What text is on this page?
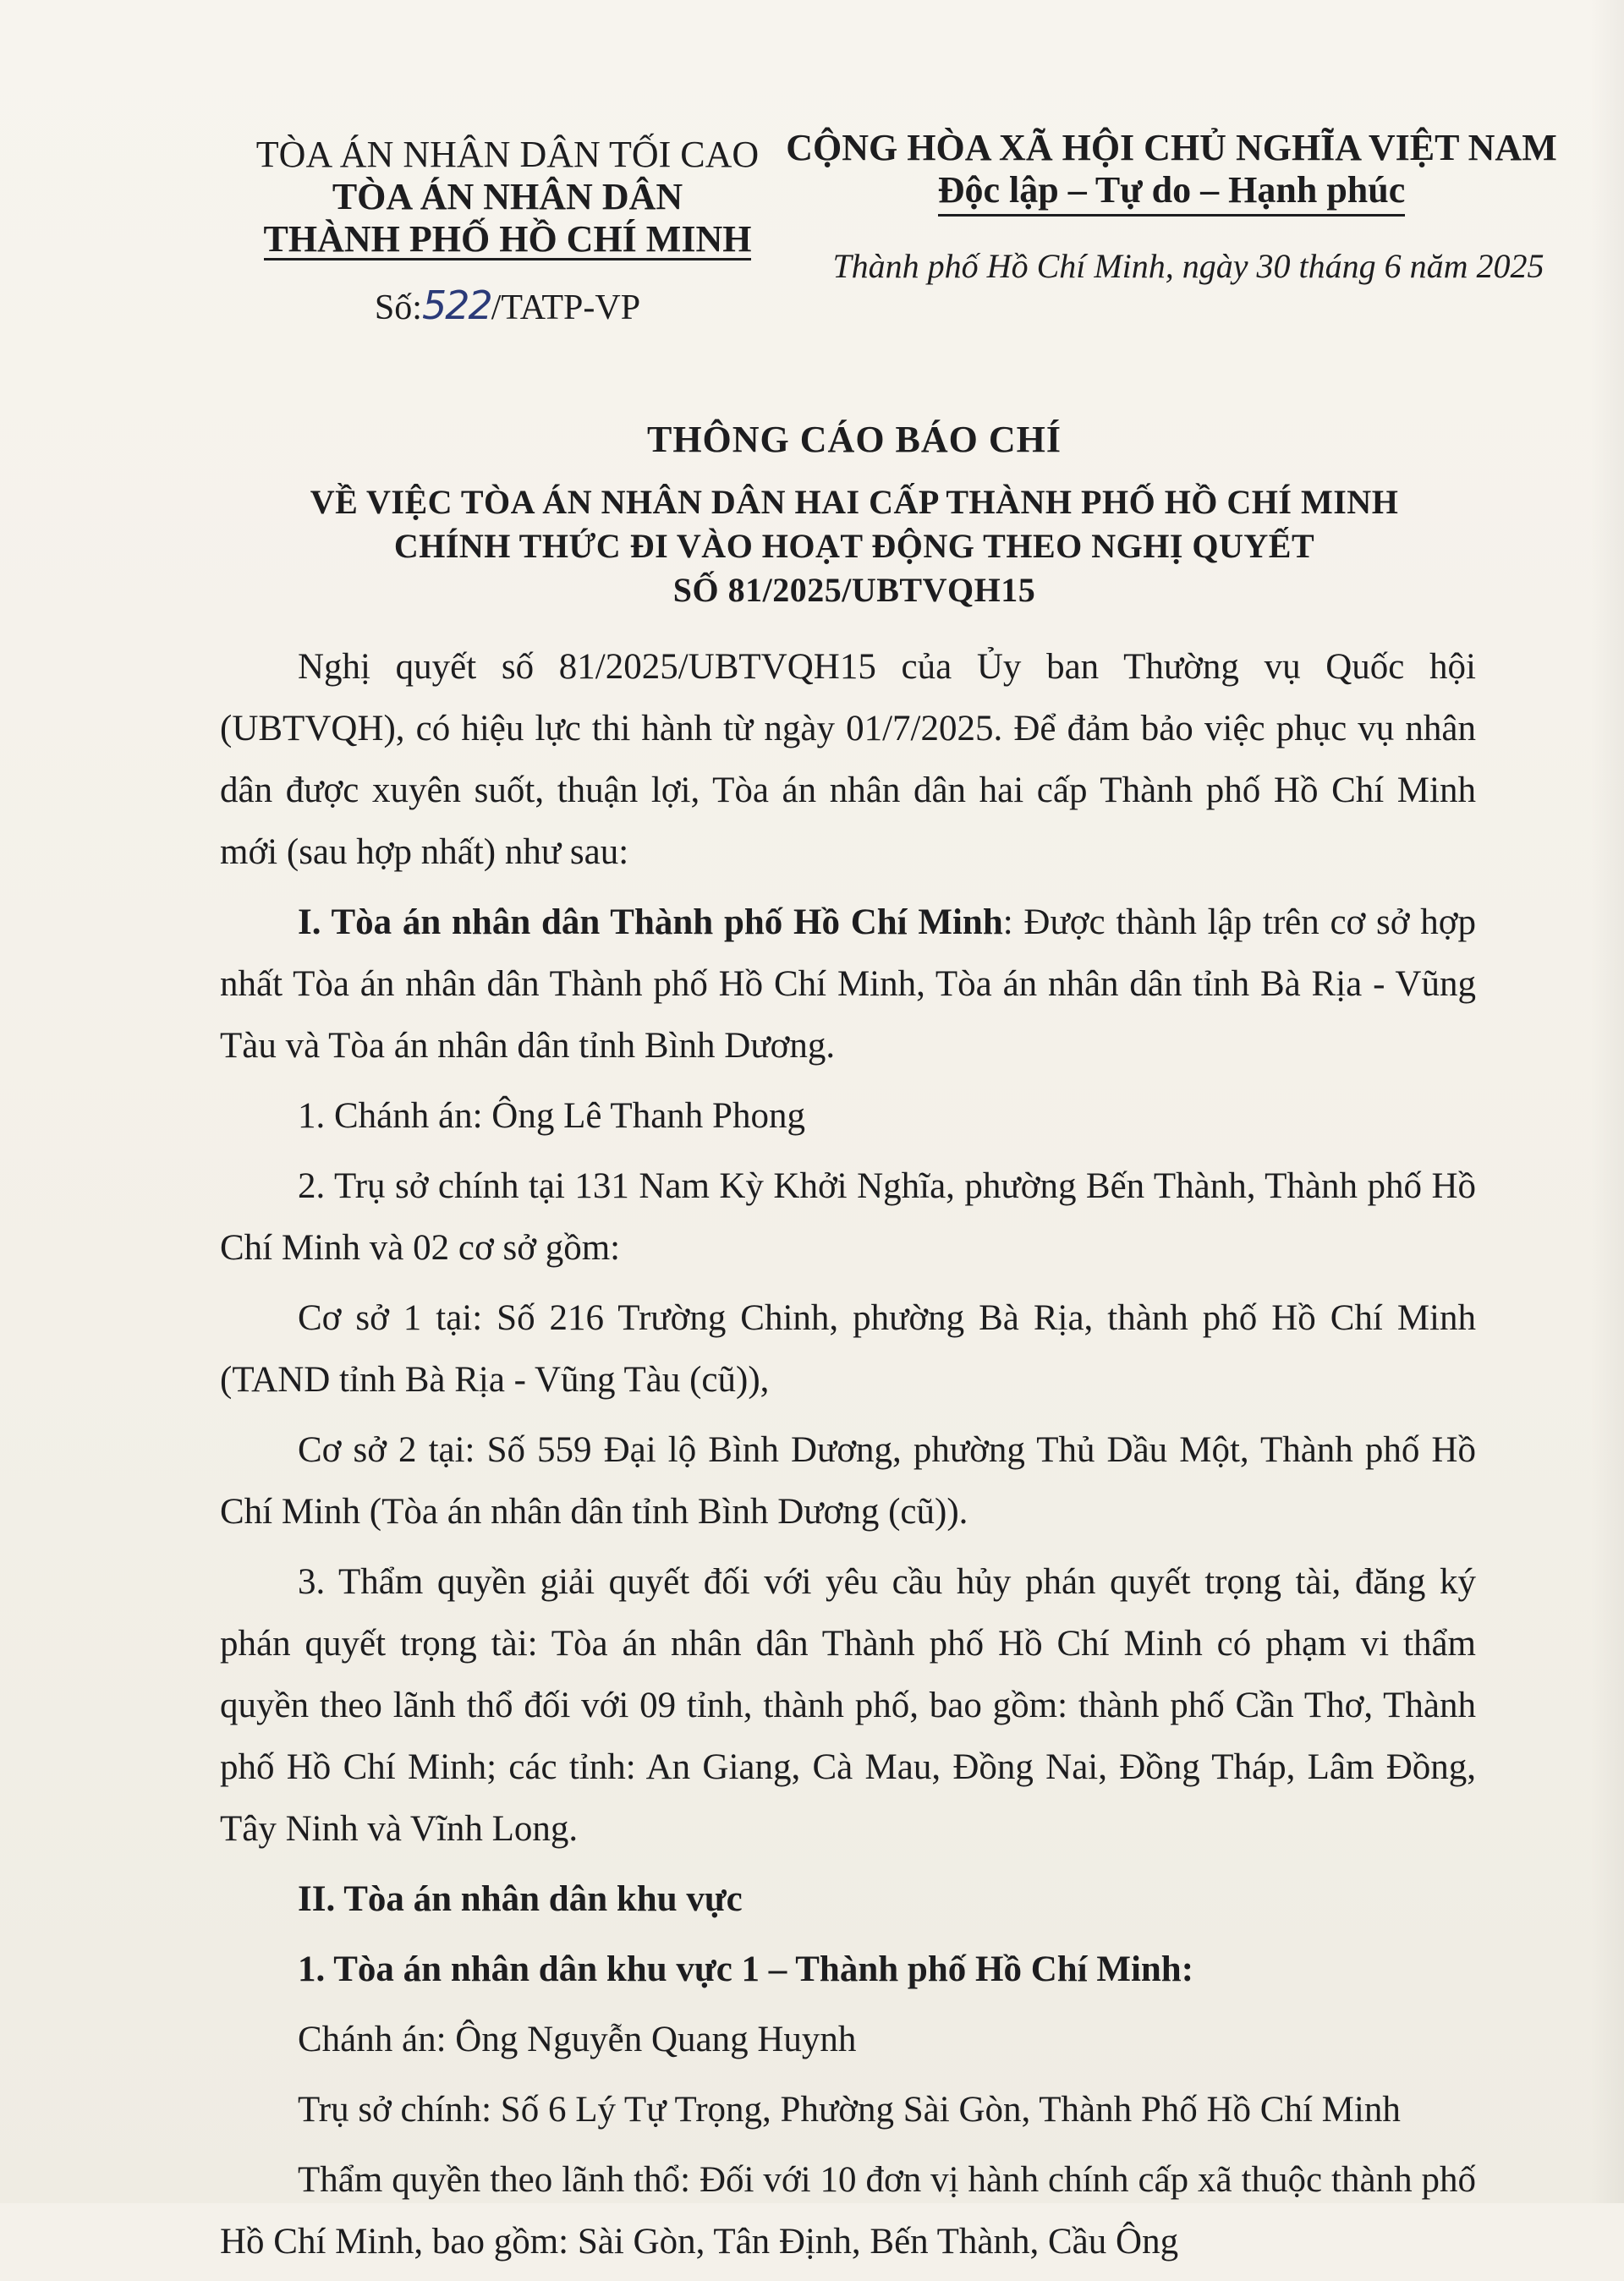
TÒA ÁN NHÂN DÂN TỐI CAO
TÒA ÁN NHÂN DÂN
THÀNH PHỐ HỒ CHÍ MINH
Số:522/TATP-VP
CỘNG HÒA XÃ HỘI CHỦ NGHĨA VIỆT NAM
Độc lập – Tự do – Hạnh phúc
Thành phố Hồ Chí Minh, ngày 30 tháng 6 năm 2025
THÔNG CÁO BÁO CHÍ
VỀ VIỆC TÒA ÁN NHÂN DÂN HAI CẤP THÀNH PHỐ HỒ CHÍ MINH
CHÍNH THỨC ĐI VÀO HOẠT ĐỘNG THEO NGHỊ QUYẾT
SỐ 81/2025/UBTVQH15

Nghị quyết số 81/2025/UBTVQH15 của Ủy ban Thường vụ Quốc hội (UBTVQH), có hiệu lực thi hành từ ngày 01/7/2025. Để đảm bảo việc phục vụ nhân dân được xuyên suốt, thuận lợi, Tòa án nhân dân hai cấp Thành phố Hồ Chí Minh mới (sau hợp nhất) như sau:

I. Tòa án nhân dân Thành phố Hồ Chí Minh: Được thành lập trên cơ sở hợp nhất Tòa án nhân dân Thành phố Hồ Chí Minh, Tòa án nhân dân tỉnh Bà Rịa - Vũng Tàu và Tòa án nhân dân tỉnh Bình Dương.

1. Chánh án: Ông Lê Thanh Phong

2. Trụ sở chính tại 131 Nam Kỳ Khởi Nghĩa, phường Bến Thành, Thành phố Hồ Chí Minh và 02 cơ sở gồm:

Cơ sở 1 tại: Số 216 Trường Chinh, phường Bà Rịa, thành phố Hồ Chí Minh (TAND tỉnh Bà Rịa - Vũng Tàu (cũ)),

Cơ sở 2 tại: Số 559 Đại lộ Bình Dương, phường Thủ Dầu Một, Thành phố Hồ Chí Minh (Tòa án nhân dân tỉnh Bình Dương (cũ)).

3. Thẩm quyền giải quyết đối với yêu cầu hủy phán quyết trọng tài, đăng ký phán quyết trọng tài: Tòa án nhân dân Thành phố Hồ Chí Minh có phạm vi thẩm quyền theo lãnh thổ đối với 09 tỉnh, thành phố, bao gồm: thành phố Cần Thơ, Thành phố Hồ Chí Minh; các tỉnh: An Giang, Cà Mau, Đồng Nai, Đồng Tháp, Lâm Đồng, Tây Ninh và Vĩnh Long.

II. Tòa án nhân dân khu vực

1. Tòa án nhân dân khu vực 1 – Thành phố Hồ Chí Minh:

Chánh án: Ông Nguyễn Quang Huynh

Trụ sở chính: Số 6 Lý Tự Trọng, Phường Sài Gòn, Thành Phố Hồ Chí Minh

Thẩm quyền theo lãnh thổ: Đối với 10 đơn vị hành chính cấp xã thuộc thành phố Hồ Chí Minh, bao gồm: Sài Gòn, Tân Định, Bến Thành, Cầu Ông
